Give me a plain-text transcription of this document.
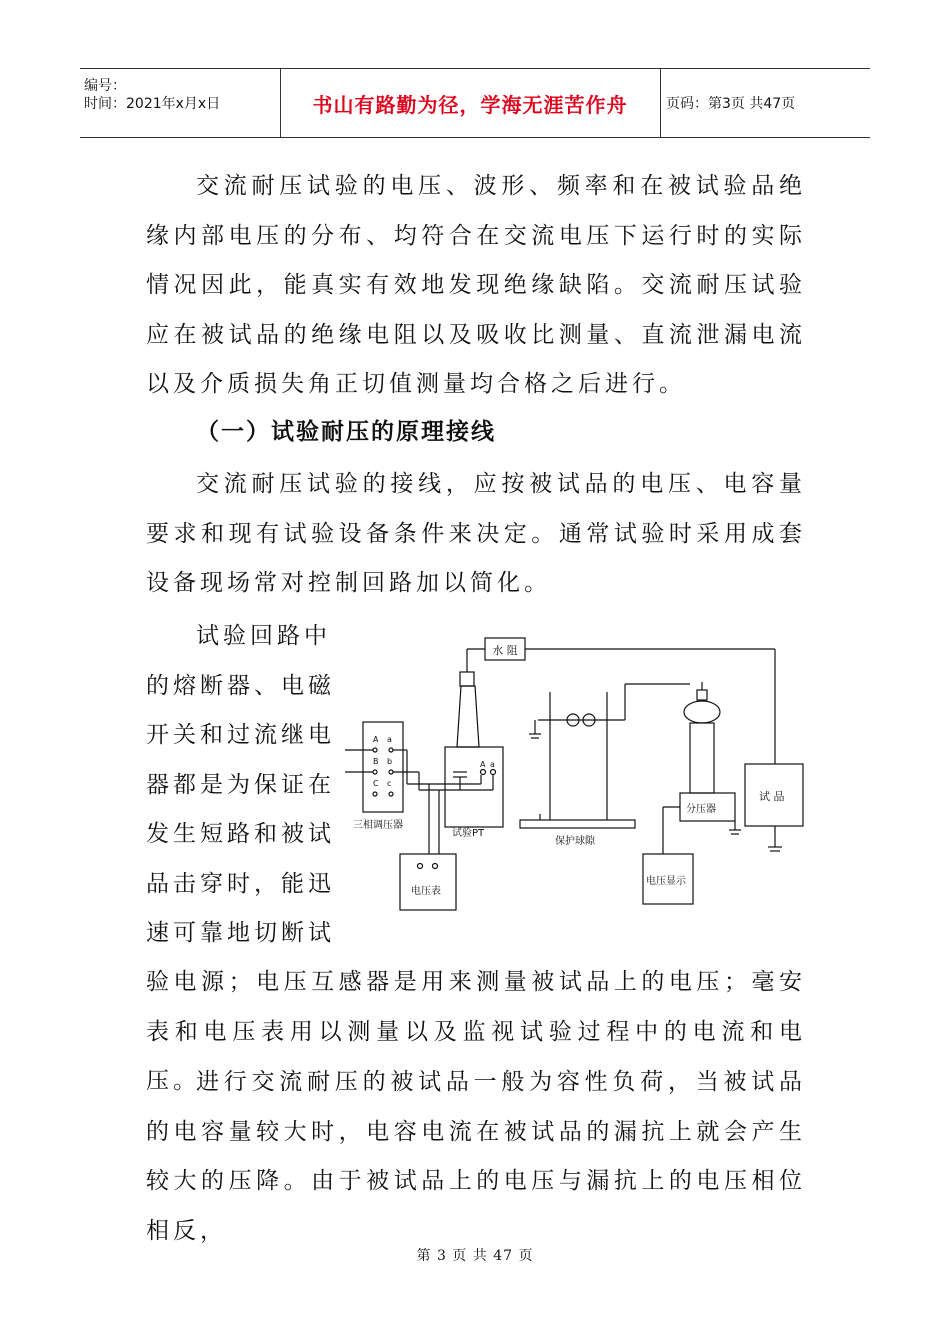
编号：
时间：2021年x月x日	书山有路勤为径，学海无涯苦作舟	页码：第3页 共47页

交流耐压试验的电压、波形、频率和在被试验品绝缘内部电压的分布、均符合在交流电压下运行时的实际情况因此，能真实有效地发现绝缘缺陷。交流耐压试验应在被试品的绝缘电阻以及吸收比测量、直流泄漏电流以及介质损失角正切值测量均合格之后进行。

（一）试验耐压的原理接线

交流耐压试验的接线，应按被试品的电压、电容量要求和现有试验设备条件来决定。通常试验时采用成套设备现场常对控制回路加以简化。

试验回路中
的熔断器、电磁
开关和过流继电
器都是为保证在
发生短路和被试
品击穿时，能迅
速可靠地切断试
水 阻
A a
试验PT
A a
B b
C c
三相调压器
电压表
保护球隙
分压器
电压显示
试 品

验电源；电压互感器是用来测量被试品上的电压；毫安表和电压表用以测量以及监视试验过程中的电流和电压。

进行交流耐压的被试品一般为容性负荷，当被试品的电容量较大时，电容电流在被试品的漏抗上就会产生较大的压降。由于被试品上的电压与漏抗上的电压相位相反，

第 3 页 共 47 页
